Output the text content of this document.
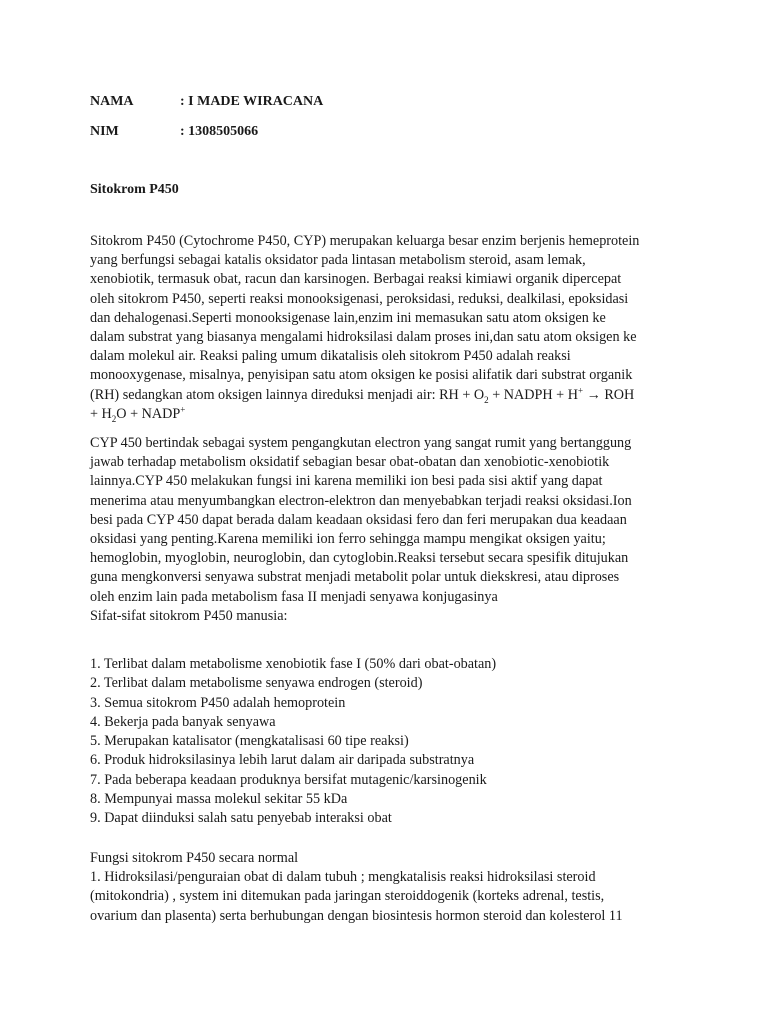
NAMA	: I MADE WIRACANA
NIM	: 1308505066
Sitokrom P450
Sitokrom P450 (Cytochrome P450, CYP) merupakan keluarga besar enzim berjenis hemeprotein
yang berfungsi sebagai katalis oksidator pada lintasan metabolism steroid, asam lemak,
xenobiotik, termasuk obat, racun dan karsinogen. Berbagai reaksi kimiawi organik dipercepat
oleh sitokrom P450, seperti reaksi monooksigenasi, peroksidasi, reduksi, dealkilasi, epoksidasi
dan dehalogenasi.Seperti monooksigenase lain,enzim ini memasukan satu atom oksigen ke
dalam substrat yang biasanya mengalami hidroksilasi dalam proses ini,dan satu atom oksigen ke
dalam molekul air. Reaksi paling umum dikatalisis oleh sitokrom P450 adalah reaksi
monooxygenase, misalnya, penyisipan satu atom oksigen ke posisi alifatik dari substrat organik
(RH) sedangkan atom oksigen lainnya direduksi menjadi air: RH + $O_2$ + NADPH + H+ → ROH
+ $H_2O$ + NADP+
CYP 450 bertindak sebagai system pengangkutan electron yang sangat rumit yang bertanggung
jawab terhadap metabolism oksidatif sebagian besar obat-obatan dan xenobiotic-xenobiotik
lainnya.CYP 450 melakukan fungsi ini karena memiliki ion besi pada sisi aktif yang dapat
menerima atau menyumbangkan electron-elektron dan menyebabkan terjadi reaksi oksidasi.Ion
besi pada CYP 450 dapat berada dalam keadaan oksidasi fero dan feri merupakan dua keadaan
oksidasi yang penting.Karena memiliki ion ferro sehingga mampu mengikat oksigen yaitu;
hemoglobin, myoglobin, neuroglobin, dan cytoglobin.Reaksi tersebut secara spesifik ditujukan
guna mengkonversi senyawa substrat menjadi metabolit polar untuk diekskresi, atau diproses
oleh enzim lain pada metabolism fasa II menjadi senyawa konjugasinya
Sifat-sifat sitokrom P450 manusia:
1. Terlibat dalam metabolisme xenobiotik fase I (50% dari obat-obatan)
2. Terlibat dalam metabolisme senyawa endrogen (steroid)
3. Semua sitokrom P450 adalah hemoprotein
4. Bekerja pada banyak senyawa
5. Merupakan katalisator (mengkatalisasi 60 tipe reaksi)
6. Produk hidroksilasinya lebih larut dalam air daripada substratnya
7. Pada beberapa keadaan produknya bersifat mutagenic/karsinogenik
8. Mempunyai massa molekul sekitar 55 kDa
9. Dapat diinduksi salah satu penyebab interaksi obat
Fungsi sitokrom P450 secara normal
1. Hidroksilasi/penguraian obat di dalam tubuh ; mengkatalisis reaksi hidroksilasi steroid
(mitokondria) , system ini ditemukan pada jaringan steroiddogenik (korteks adrenal, testis,
ovarium dan plasenta) serta berhubungan dengan biosintesis hormon steroid dan kolesterol 11
